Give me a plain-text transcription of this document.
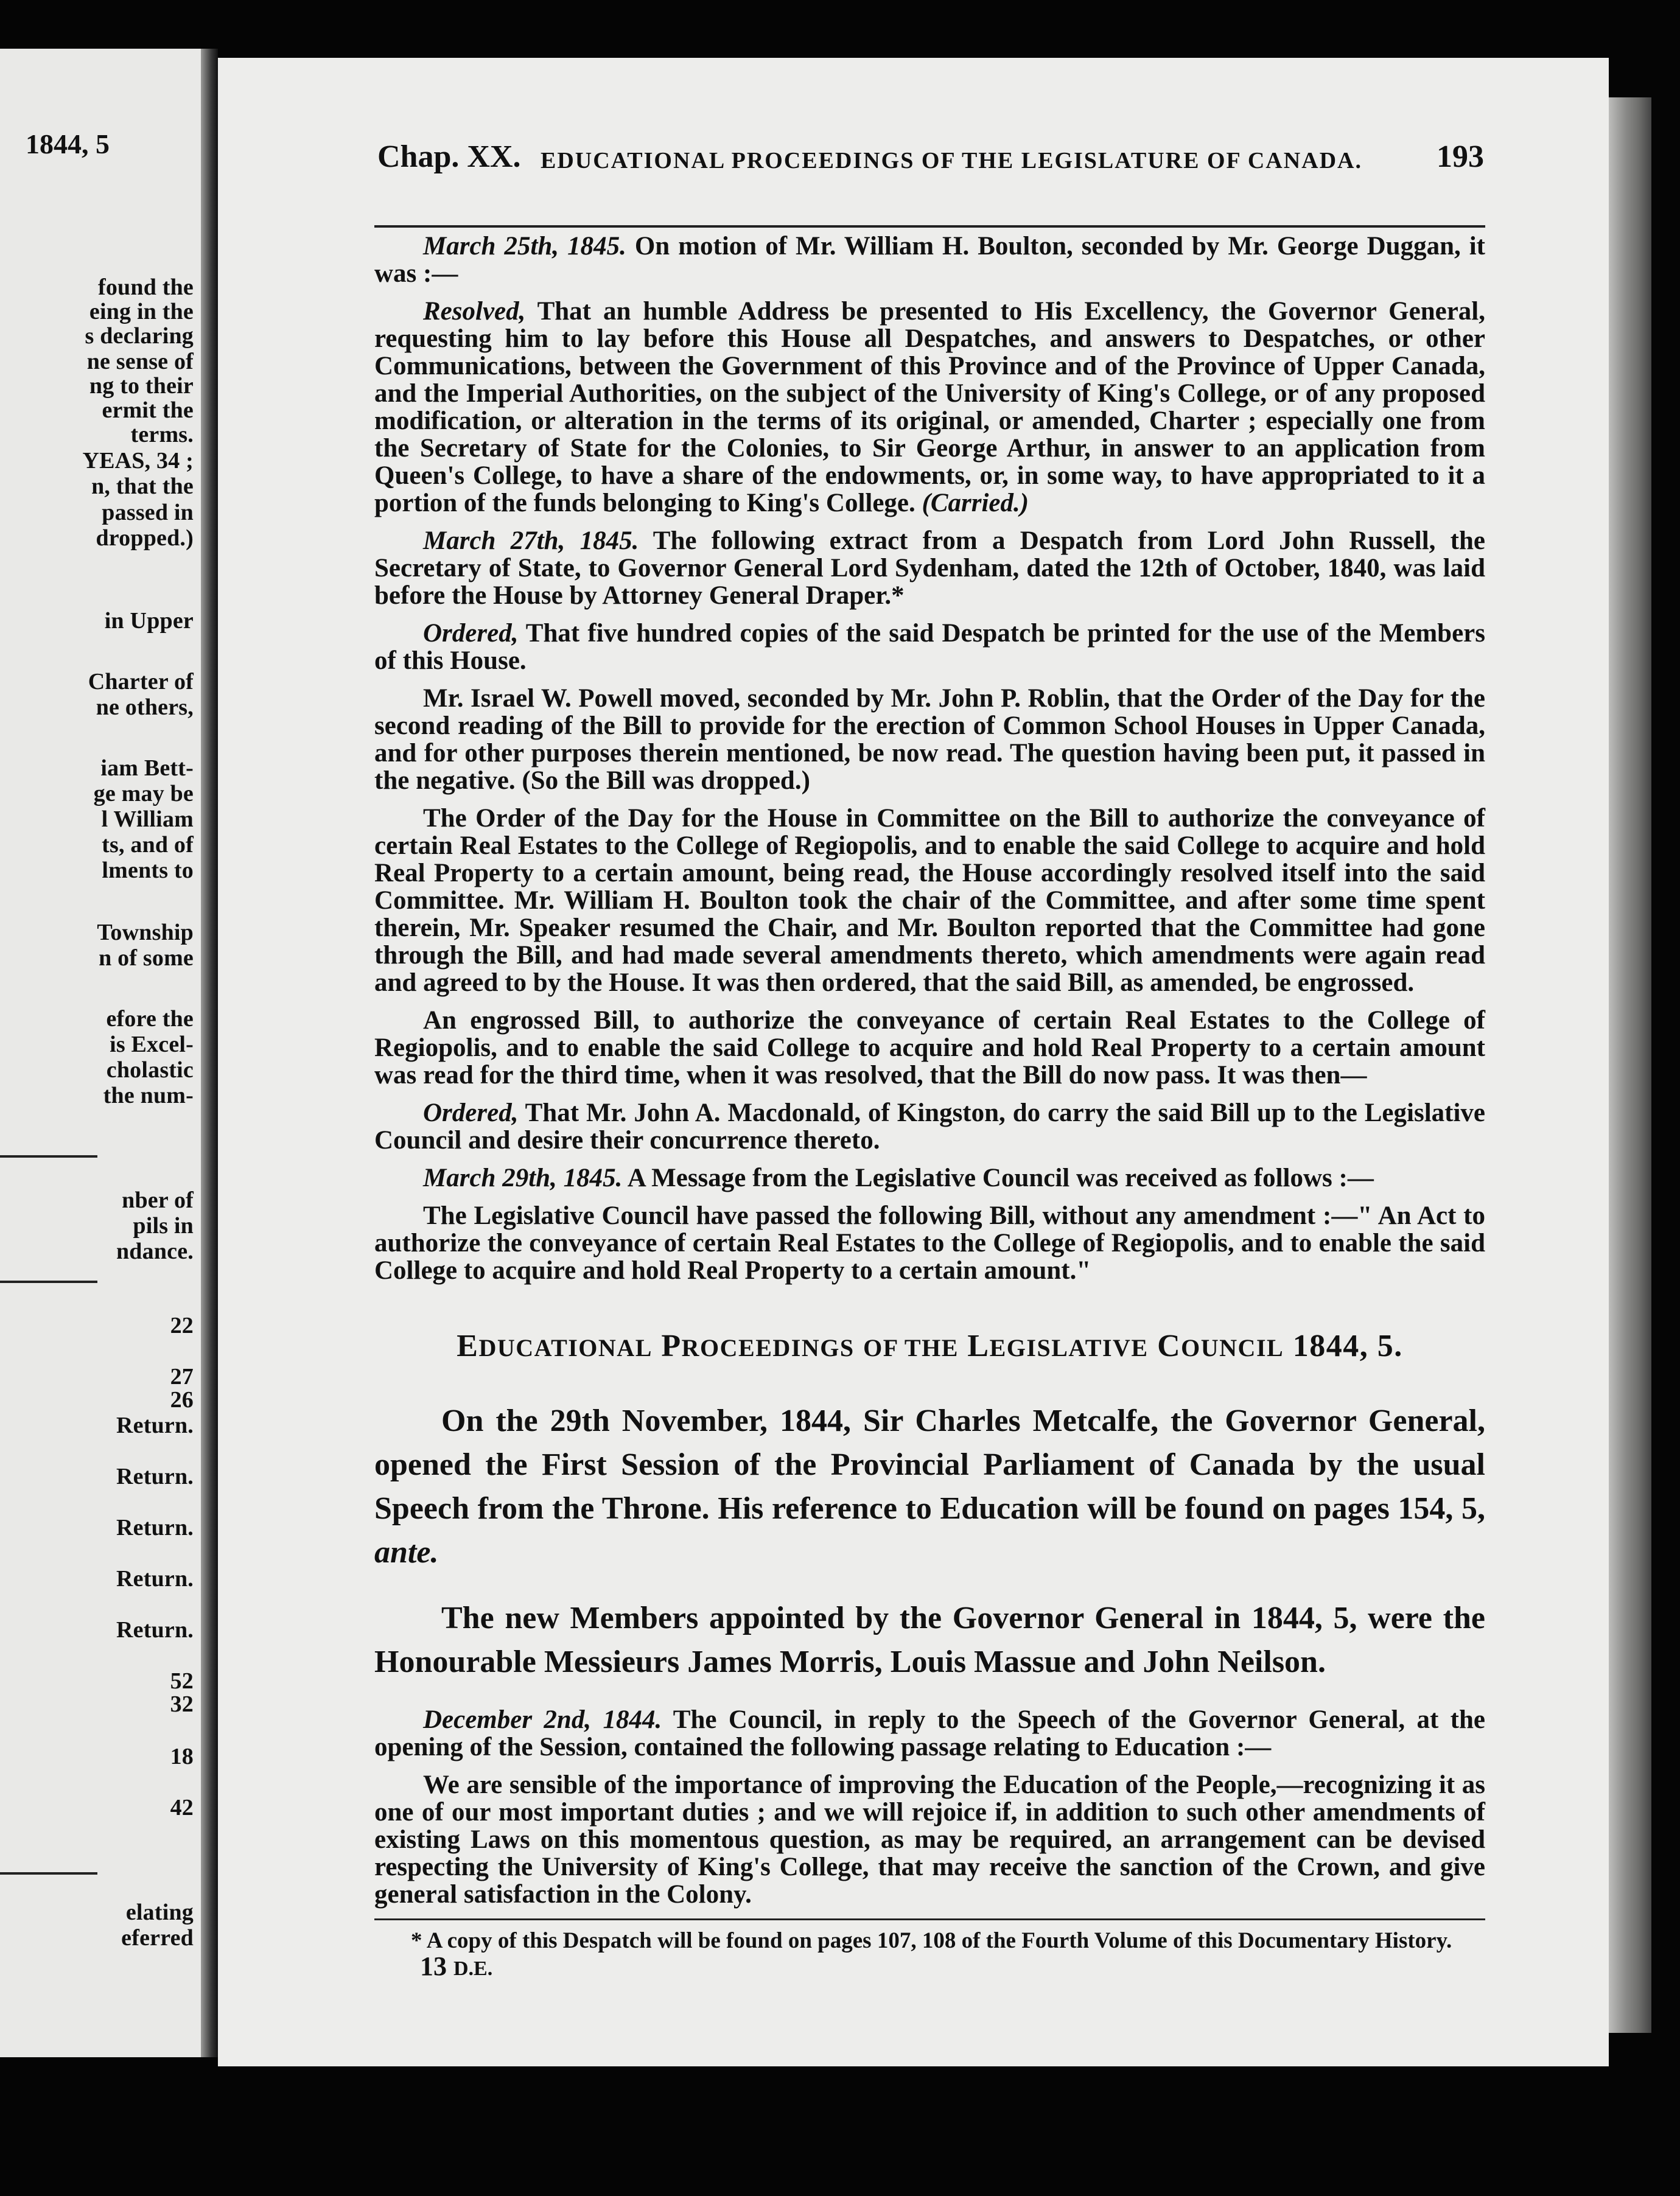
1844, 5
found the
eing in the
s declaring
ne sense of
ng to their
ermit the
terms.
YEAS, 34 ;
n, that the
passed in
dropped.)
in Upper
Charter of
ne others,
iam Bett-
ge may be
l William
ts, and of
lments to
Township
n of some
efore the
is Excel-
cholastic
the num-
nber of
pils in
ndance.
22
27
26
Return.
Return.
Return.
Return.
Return.
52
32
18
42
elating
eferred
Chap. XX. EDUCATIONAL PROCEEDINGS OF THE LEGISLATURE OF CANADA. 193

March 25th, 1845. On motion of Mr. William H. Boulton, seconded by Mr. George Duggan, it was :—

Resolved, That an humble Address be presented to His Excellency, the Governor General, requesting him to lay before this House all Despatches, and answers to Despatches, or other Communications, between the Government of this Province and of the Province of Upper Canada, and the Imperial Authorities, on the subject of the University of King's College, or of any proposed modification, or alteration in the terms of its original, or amended, Charter ; especially one from the Secretary of State for the Colonies, to Sir George Arthur, in answer to an application from Queen's College, to have a share of the endowments, or, in some way, to have appropriated to it a portion of the funds belonging to King's College. (Carried.)

March 27th, 1845. The following extract from a Despatch from Lord John Russell, the Secretary of State, to Governor General Lord Sydenham, dated the 12th of October, 1840, was laid before the House by Attorney General Draper.*

Ordered, That five hundred copies of the said Despatch be printed for the use of the Members of this House.

Mr. Israel W. Powell moved, seconded by Mr. John P. Roblin, that the Order of the Day for the second reading of the Bill to provide for the erection of Common School Houses in Upper Canada, and for other purposes therein mentioned, be now read. The question having been put, it passed in the negative. (So the Bill was dropped.)

The Order of the Day for the House in Committee on the Bill to authorize the conveyance of certain Real Estates to the College of Regiopolis, and to enable the said College to acquire and hold Real Property to a certain amount, being read, the House accordingly resolved itself into the said Committee. Mr. William H. Boulton took the chair of the Committee, and after some time spent therein, Mr. Speaker resumed the Chair, and Mr. Boulton reported that the Committee had gone through the Bill, and had made several amendments thereto, which amendments were again read and agreed to by the House. It was then ordered, that the said Bill, as amended, be engrossed.

An engrossed Bill, to authorize the conveyance of certain Real Estates to the College of Regiopolis, and to enable the said College to acquire and hold Real Property to a certain amount was read for the third time, when it was resolved, that the Bill do now pass. It was then—

Ordered, That Mr. John A. Macdonald, of Kingston, do carry the said Bill up to the Legislative Council and desire their concurrence thereto.

March 29th, 1845. A Message from the Legislative Council was received as follows :—

The Legislative Council have passed the following Bill, without any amendment :—" An Act to authorize the conveyance of certain Real Estates to the College of Regiopolis, and to enable the said College to acquire and hold Real Property to a certain amount."

EDUCATIONAL PROCEEDINGS OF THE LEGISLATIVE COUNCIL 1844, 5.

On the 29th November, 1844, Sir Charles Metcalfe, the Governor General, opened the First Session of the Provincial Parliament of Canada by the usual Speech from the Throne. His reference to Education will be found on pages 154, 5, ante.

The new Members appointed by the Governor General in 1844, 5, were the Honourable Messieurs James Morris, Louis Massue and John Neilson.

December 2nd, 1844. The Council, in reply to the Speech of the Governor General, at the opening of the Session, contained the following passage relating to Education :—

We are sensible of the importance of improving the Education of the People,—recognizing it as one of our most important duties ; and we will rejoice if, in addition to such other amendments of existing Laws on this momentous question, as may be required, an arrangement can be devised respecting the University of King's College, that may receive the sanction of the Crown, and give general satisfaction in the Colony.

* A copy of this Despatch will be found on pages 107, 108 of the Fourth Volume of this Documentary History.

13 D.E.
